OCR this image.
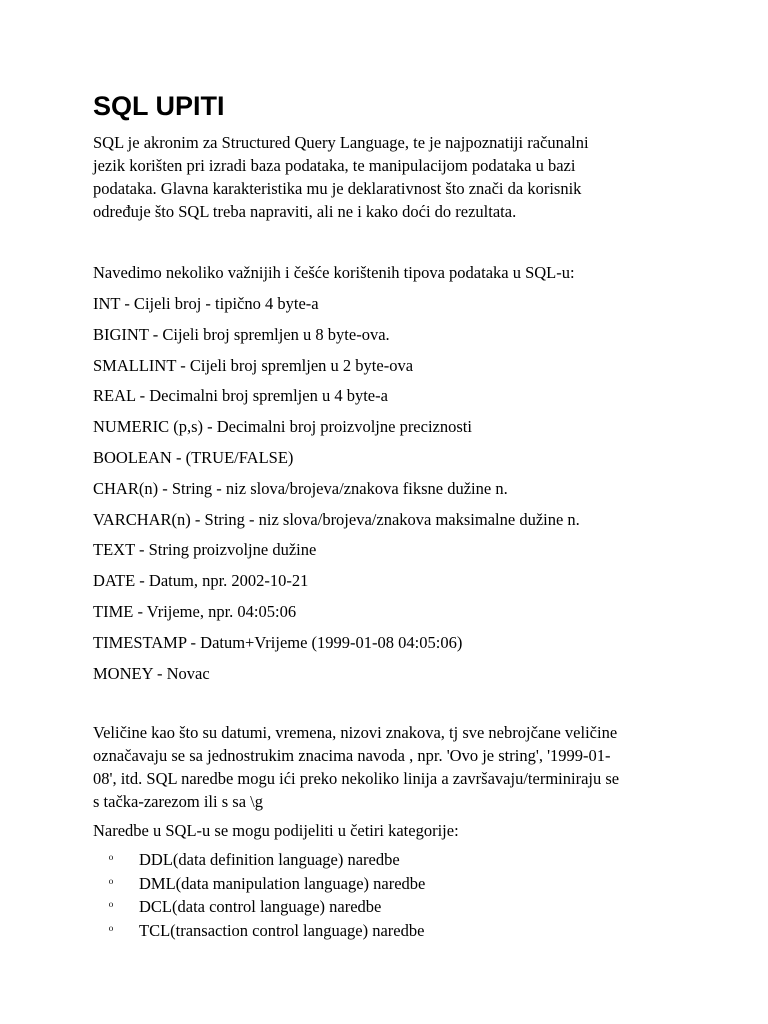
SQL UPITI
SQL je akronim za Structured Query Language, te je najpoznatiji računalni
jezik korišten pri izradi baza podataka, te manipulacijom podataka u bazi
podataka. Glavna karakteristika mu je deklarativnost što znači da korisnik
određuje što SQL treba napraviti, ali ne i kako doći do rezultata.
Navedimo nekoliko važnijih i češće korištenih tipova podataka u SQL-u:
INT - Cijeli broj - tipično 4 byte-a
BIGINT - Cijeli broj spremljen u 8 byte-ova.
SMALLINT - Cijeli broj spremljen u 2 byte-ova
REAL - Decimalni broj spremljen u 4 byte-a
NUMERIC (p,s) - Decimalni broj proizvoljne preciznosti
BOOLEAN - (TRUE/FALSE)
CHAR(n) - String - niz slova/brojeva/znakova fiksne dužine n.
VARCHAR(n) - String - niz slova/brojeva/znakova maksimalne dužine n.
TEXT - String proizvoljne dužine
DATE - Datum, npr. 2002-10-21
TIME - Vrijeme, npr. 04:05:06
TIMESTAMP - Datum+Vrijeme (1999-01-08 04:05:06)
MONEY - Novac
Veličine kao što su datumi, vremena, nizovi znakova, tj sve nebrojčane veličine
označavaju se sa jednostrukim znacima navoda , npr. 'Ovo je string', '1999-01-
08', itd. SQL naredbe mogu ići preko nekoliko linija a završavaju/terminiraju se
s tačka-zarezom ili s sa \g
Naredbe u SQL-u se mogu podijeliti u četiri kategorije:
DDL(data definition language) naredbe
DML(data manipulation language) naredbe
DCL(data control language) naredbe
TCL(transaction control language) naredbe
